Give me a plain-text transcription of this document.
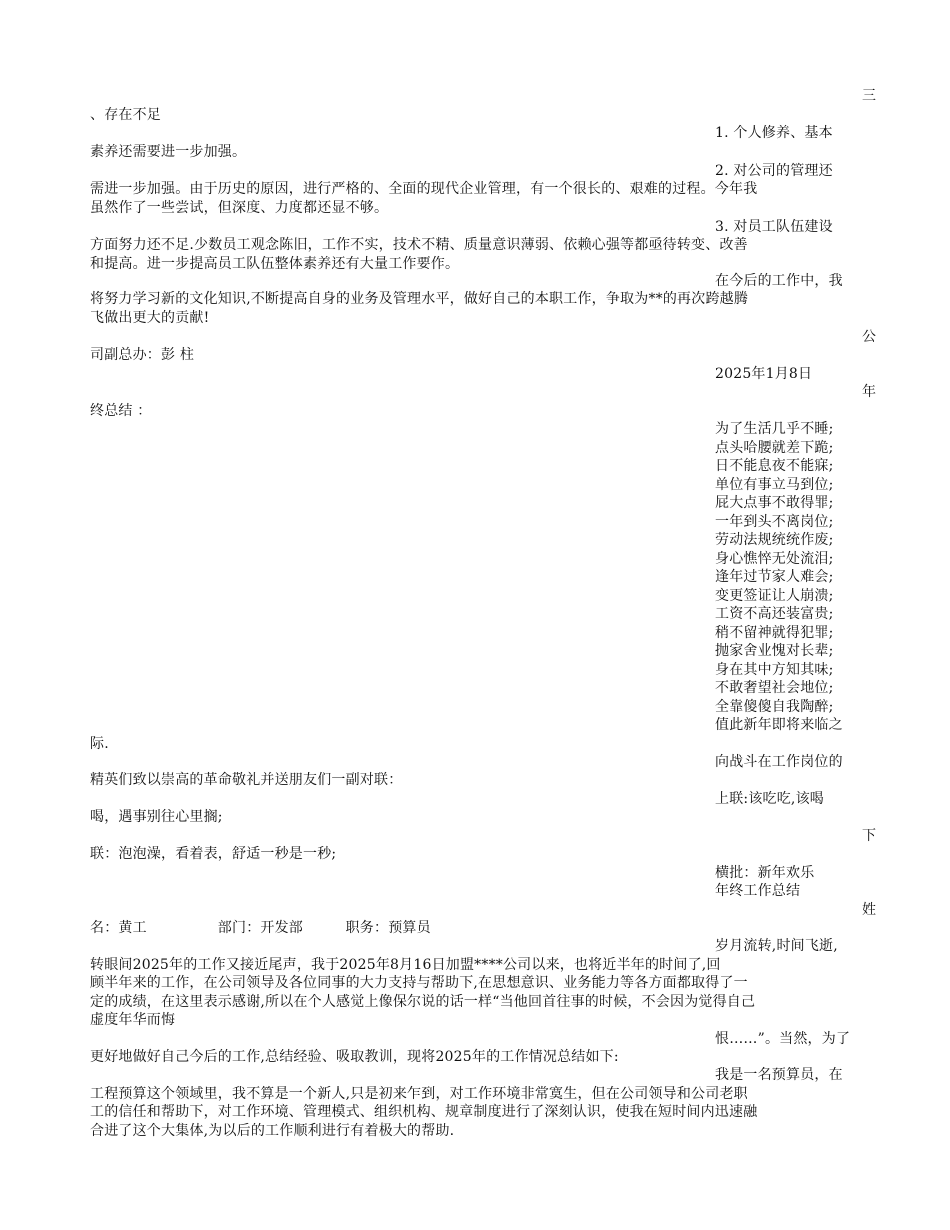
三
、存在不足
1. 个人修养、基本
素养还需要进一步加强。
2. 对公司的管理还
需进一步加强。由于历史的原因，进行严格的、全面的现代企业管理，有一个很长的、艰难的过程。今年我
虽然作了一些尝试，但深度、力度都还显不够。
3. 对员工队伍建设
方面努力还不足.少数员工观念陈旧，工作不实，技术不精、质量意识薄弱、依赖心强等都亟待转变、改善
和提高。进一步提高员工队伍整体素养还有大量工作要作。
在今后的工作中，我
将努力学习新的文化知识,不断提高自身的业务及管理水平，做好自己的本职工作，争取为**的再次跨越腾
飞做出更大的贡献!
公
司副总办：彭 柱
2025年1月8日
年
终总结 ：
为了生活几乎不睡;
点头哈腰就差下跪;
日不能息夜不能寐;
单位有事立马到位;
屁大点事不敢得罪;
一年到头不离岗位;
劳动法规统统作废;
身心憔悴无处流泪;
逢年过节家人难会;
变更签证让人崩溃;
工资不高还装富贵;
稍不留神就得犯罪;
抛家舍业愧对长辈;
身在其中方知其味;
不敢奢望社会地位;
全靠傻傻自我陶醉;
值此新年即将来临之
际.
向战斗在工作岗位的
精英们致以崇高的革命敬礼并送朋友们一副对联：
上联:该吃吃,该喝
喝，遇事别往心里搁;
下
联：泡泡澡，看着表，舒适一秒是一秒;
横批：新年欢乐
年终工作总结
姓
名：黄工　　　　　部门：开发部　　　职务：预算员
岁月流转,时间飞逝,
转眼间2025年的工作又接近尾声，我于2025年8月16日加盟****公司以来，也将近半年的时间了,回
顾半年来的工作，在公司领导及各位同事的大力支持与帮助下,在思想意识、业务能力等各方面都取得了一
定的成绩，在这里表示感谢,所以在个人感觉上像保尔说的话一样“当他回首往事的时候，不会因为觉得自己
虚度年华而悔
恨……”。当然，为了
更好地做好自己今后的工作,总结经验、吸取教训，现将2025年的工作情况总结如下:
我是一名预算员，在
工程预算这个领域里，我不算是一个新人,只是初来乍到，对工作环境非常寞生，但在公司领导和公司老职
工的信任和帮助下，对工作环境、管理模式、组织机构、规章制度进行了深刻认识，使我在短时间内迅速融
合进了这个大集体,为以后的工作顺利进行有着极大的帮助.
